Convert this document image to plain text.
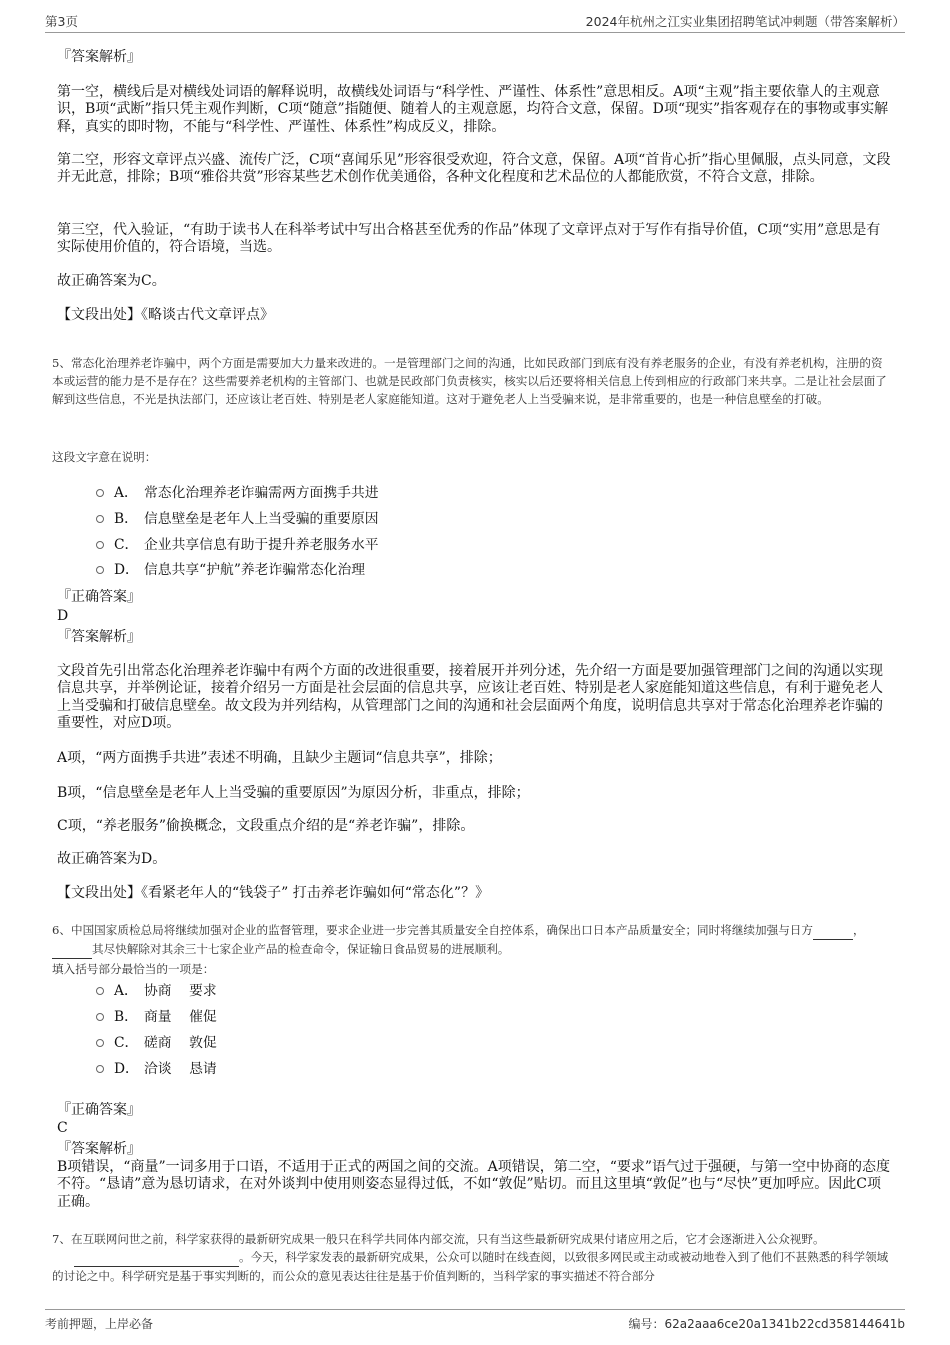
第3页	2024年杭州之江实业集团招聘笔试冲刺题（带答案解析）
『答案解析』
第一空，横线后是对横线处词语的解释说明，故横线处词语与“科学性、严谨性、体系性”意思相反。A项“主观”指主要依靠人的主观意识，B项“武断”指只凭主观作判断，C项“随意”指随便、随着人的主观意愿，均符合文意，保留。D项“现实”指客观存在的事物或事实解释，真实的即时物，不能与“科学性、严谨性、体系性”构成反义，排除。
第二空，形容文章评点兴盛、流传广泛，C项“喜闻乐见”形容很受欢迎，符合文意，保留。A项“首肯心折”指心里佩服，点头同意，文段并无此意，排除；B项“雅俗共赏”形容某些艺术创作优美通俗，各种文化程度和艺术品位的人都能欣赏，不符合文意，排除。
第三空，代入验证，“有助于读书人在科举考试中写出合格甚至优秀的作品”体现了文章评点对于写作有指导价值，C项“实用”意思是有实际使用价值的，符合语境，当选。
故正确答案为C。
【文段出处】《略谈古代文章评点》
5、常态化治理养老诈骗中，两个方面是需要加大力量来改进的。一是管理部门之间的沟通，比如民政部门到底有没有养老服务的企业，有没有养老机构，注册的资本或运营的能力是不是存在？这些需要养老机构的主管部门、也就是民政部门负责核实，核实以后还要将相关信息上传到相应的行政部门来共享。二是让社会层面了解到这些信息，不光是执法部门，还应该让老百姓、特别是老人家庭能知道。这对于避免老人上当受骗来说，是非常重要的，也是一种信息壁垒的打破。
这段文字意在说明：
A． 常态化治理养老诈骗需两方面携手共进
B． 信息壁垒是老年人上当受骗的重要原因
C． 企业共享信息有助于提升养老服务水平
D． 信息共享“护航”养老诈骗常态化治理
『正确答案』
D
『答案解析』
文段首先引出常态化治理养老诈骗中有两个方面的改进很重要，接着展开并列分述，先介绍一方面是要加强管理部门之间的沟通以实现信息共享，并举例论证，接着介绍另一方面是社会层面的信息共享，应该让老百姓、特别是老人家庭能知道这些信息，有利于避免老人上当受骗和打破信息壁垒。故文段为并列结构，从管理部门之间的沟通和社会层面两个角度，说明信息共享对于常态化治理养老诈骗的重要性，对应D项。
A项，“两方面携手共进”表述不明确，且缺少主题词“信息共享”，排除；
B项，“信息壁垒是老年人上当受骗的重要原因”为原因分析，非重点，排除；
C项，“养老服务”偷换概念，文段重点介绍的是“养老诈骗”，排除。
故正确答案为D。
【文段出处】《看紧老年人的“钱袋子” 打击养老诈骗如何“常态化”？》
6、中国国家质检总局将继续加强对企业的监督管理，要求企业进一步完善其质量安全自控体系，确保出口日本产品质量安全；同时将继续加强与日方	， 其尽快解除对其余三十七家企业产品的检查命令，保证输日食品贸易的进展顺利。
填入括号部分最恰当的一项是：
A． 协商    要求
B． 商量    催促
C． 磋商    敦促
D． 洽谈    恳请
『正确答案』
C
『答案解析』
B项错误，“商量”一词多用于口语，不适用于正式的两国之间的交流。A项错误，第二空，“要求”语气过于强硬，与第一空中协商的态度不符。“恳请”意为恳切请求，在对外谈判中使用则姿态显得过低，不如“敦促”贴切。而且这里填“敦促”也与“尽快”更加呼应。因此C项正确。
7、在互联网问世之前，科学家获得的最新研究成果一般只在科学共同体内部交流，只有当这些最新研究成果付诸应用之后，它才会逐渐进入公众视野。 。今天，科学家发表的最新研究成果，公众可以随时在线查阅，以致很多网民或主动或被动地卷入到了他们不甚熟悉的科学领域的讨论之中。科学研究是基于事实判断的，而公众的意见表达往往是基于价值判断的，当科学家的事实描述不符合部分
考前押题，上岸必备	编号：62a2aaa6ce20a1341b22cd358144641b
